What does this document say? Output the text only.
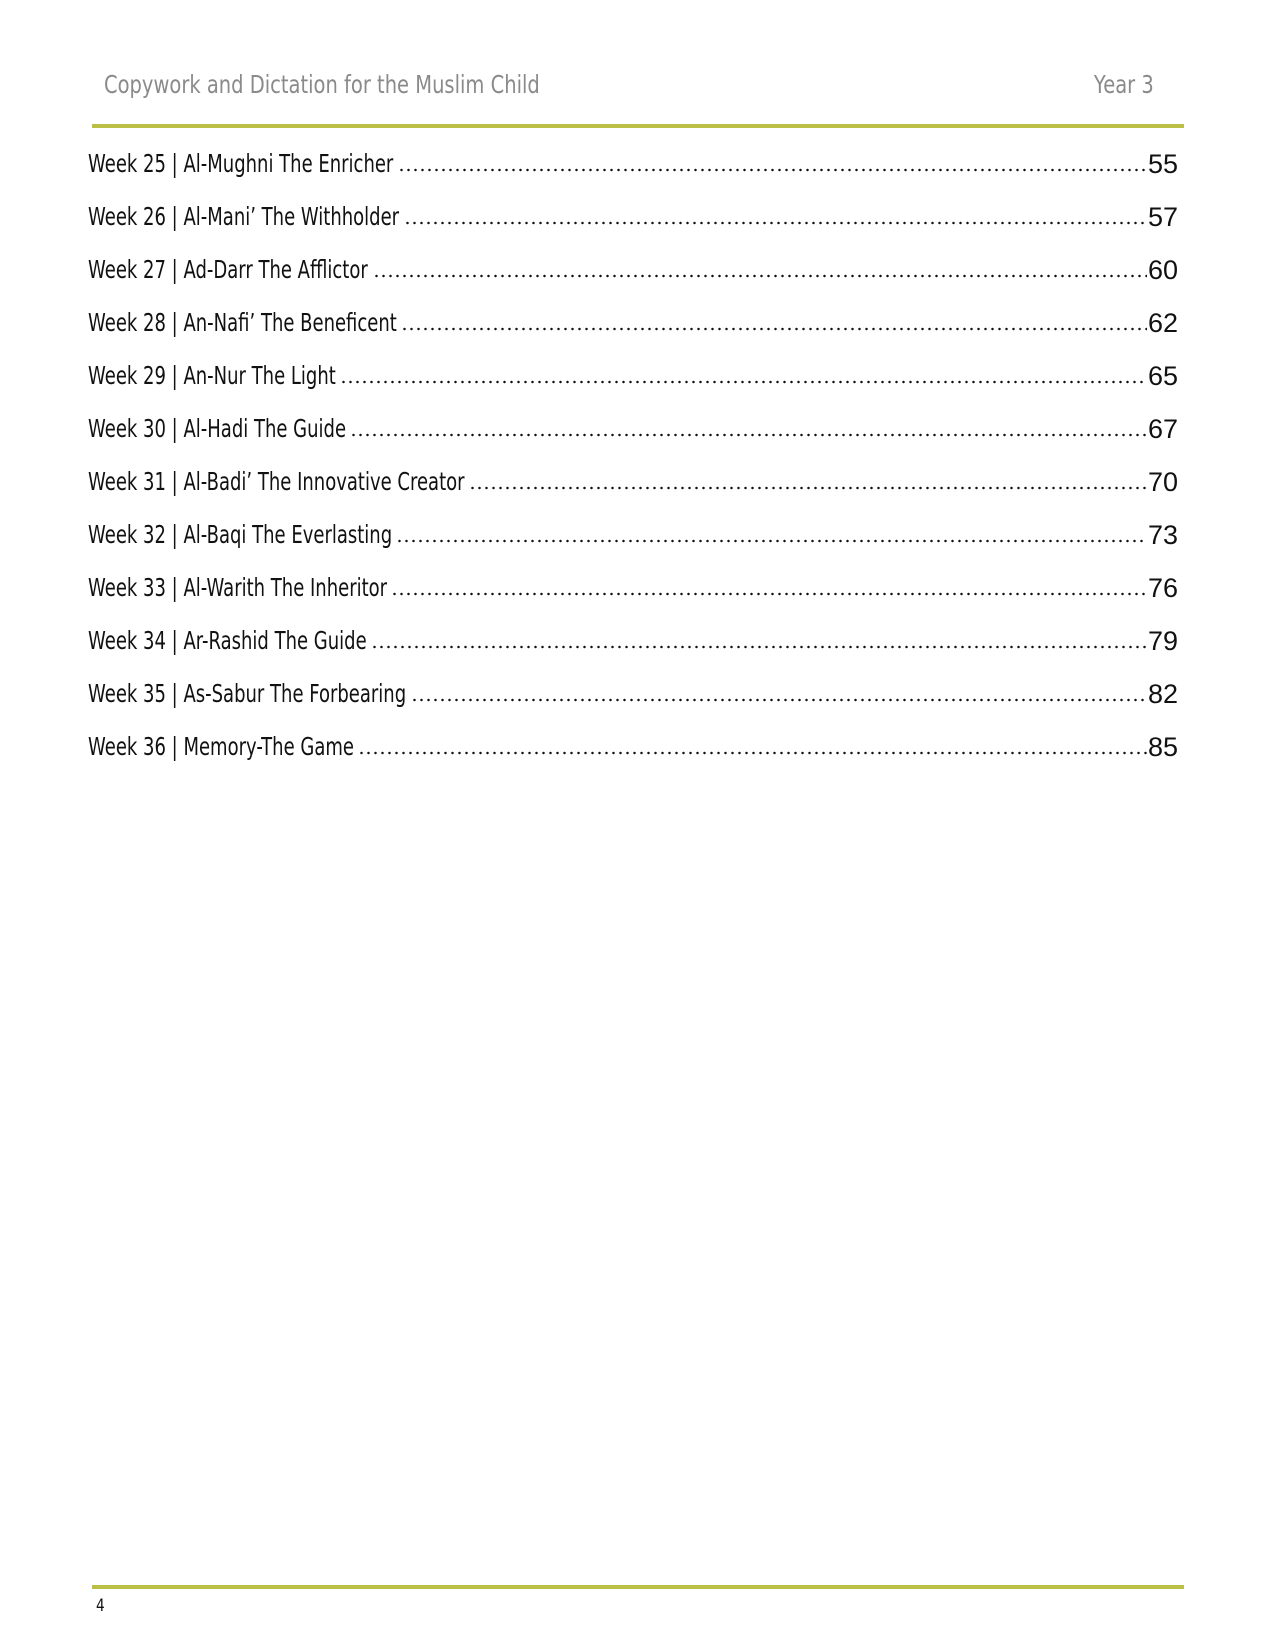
Copywork and Dictation for the Muslim Child	Year 3
Week 25 | Al-Mughni The Enricher	55
Week 26 | Al-Mani’ The Withholder	57
Week 27 | Ad-Darr The Afflictor	60
Week 28 | An-Nafi’ The Beneficent	62
Week 29 | An-Nur The Light	65
Week 30 | Al-Hadi The Guide	67
Week 31 | Al-Badi’ The Innovative Creator	70
Week 32 | Al-Baqi The Everlasting	73
Week 33 | Al-Warith The Inheritor	76
Week 34 | Ar-Rashid The Guide	79
Week 35 | As-Sabur The Forbearing	82
Week 36 | Memory-The Game	85
4
